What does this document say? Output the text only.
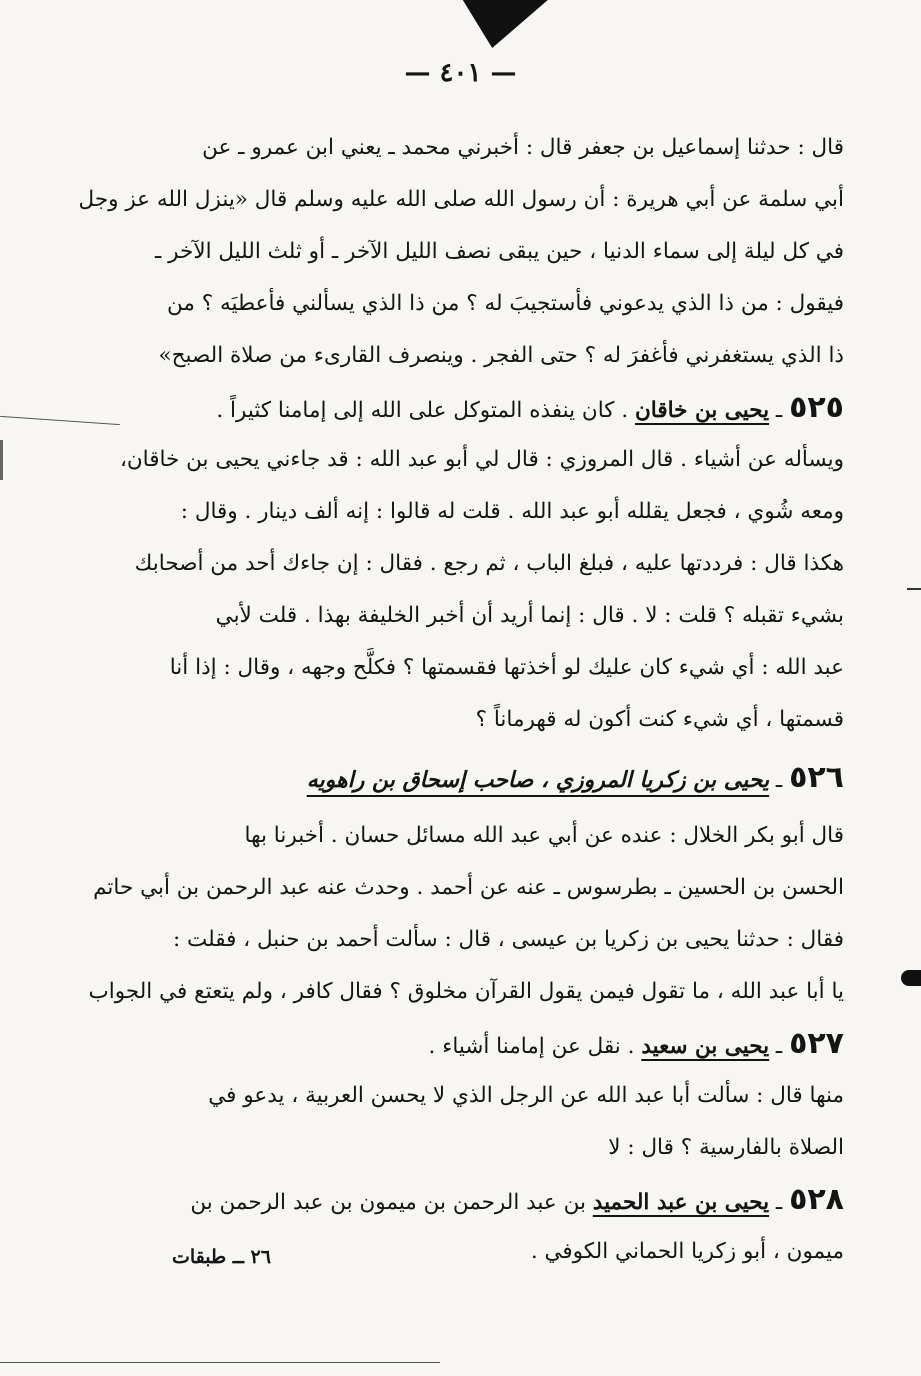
— ٤٠١ —
قال : حدثنا إسماعيل بن جعفر قال : أخبرني محمد ـ يعني ابن عمرو ـ عن
أبي سلمة عن أبي هريرة : أن رسول الله صلى الله عليه وسلم قال «ينزل الله عز وجل
في كل ليلة إلى سماء الدنيا ، حين يبقى نصف الليل الآخر ـ أو ثلث الليل الآخر ـ
فيقول : من ذا الذي يدعوني فأستجيبَ له ؟ من ذا الذي يسألني فأعطيَه ؟ من
ذا الذي يستغفرني فأغفرَ له ؟ حتى الفجر . وينصرف القارىء من صلاة الصبح»
٥٢٥ ـ يحيى بن خاقان . كان ينفذه المتوكل على الله إلى إمامنا كثيراً .
ويسأله عن أشياء . قال المروزي : قال لي أبو عبد الله : قد جاءني يحيى بن خاقان،
ومعه شُوي ، فجعل يقلله أبو عبد الله . قلت له قالوا : إنه ألف دينار . وقال :
هكذا قال : فرددتها عليه ، فبلغ الباب ، ثم رجع . فقال : إن جاءك أحد من أصحابك
بشيء تقبله ؟ قلت : لا . قال : إنما أريد أن أخبر الخليفة بهذا . قلت لأبي
عبد الله : أي شيء كان عليك لو أخذتها فقسمتها ؟ فكلَّح وجهه ، وقال : إذا أنا
قسمتها ، أي شيء كنت أكون له قهرماناً ؟
٥٢٦ ـ يحيى بن زكريا المروزي ، صاحب إسحاق بن راهويه
قال أبو بكر الخلال : عنده عن أبي عبد الله مسائل حسان . أخبرنا بها
الحسن بن الحسين ـ بطرسوس ـ عنه عن أحمد . وحدث عنه عبد الرحمن بن أبي حاتم
فقال : حدثنا يحيى بن زكريا بن عيسى ، قال : سألت أحمد بن حنبل ، فقلت :
يا أبا عبد الله ، ما تقول فيمن يقول القرآن مخلوق ؟ فقال كافر ، ولم يتعتع في الجواب
٥٢٧ ـ يحيى بن سعيد . نقل عن إمامنا أشياء .
منها قال : سألت أبا عبد الله عن الرجل الذي لا يحسن العربية ، يدعو في
الصلاة بالفارسية ؟ قال : لا
٥٢٨ ـ يحيى بن عبد الحميد بن عبد الرحمن بن ميمون بن عبد الرحمن بن
ميمون ، أبو زكريا الحماني الكوفي .
٢٦ ــ طبقات
